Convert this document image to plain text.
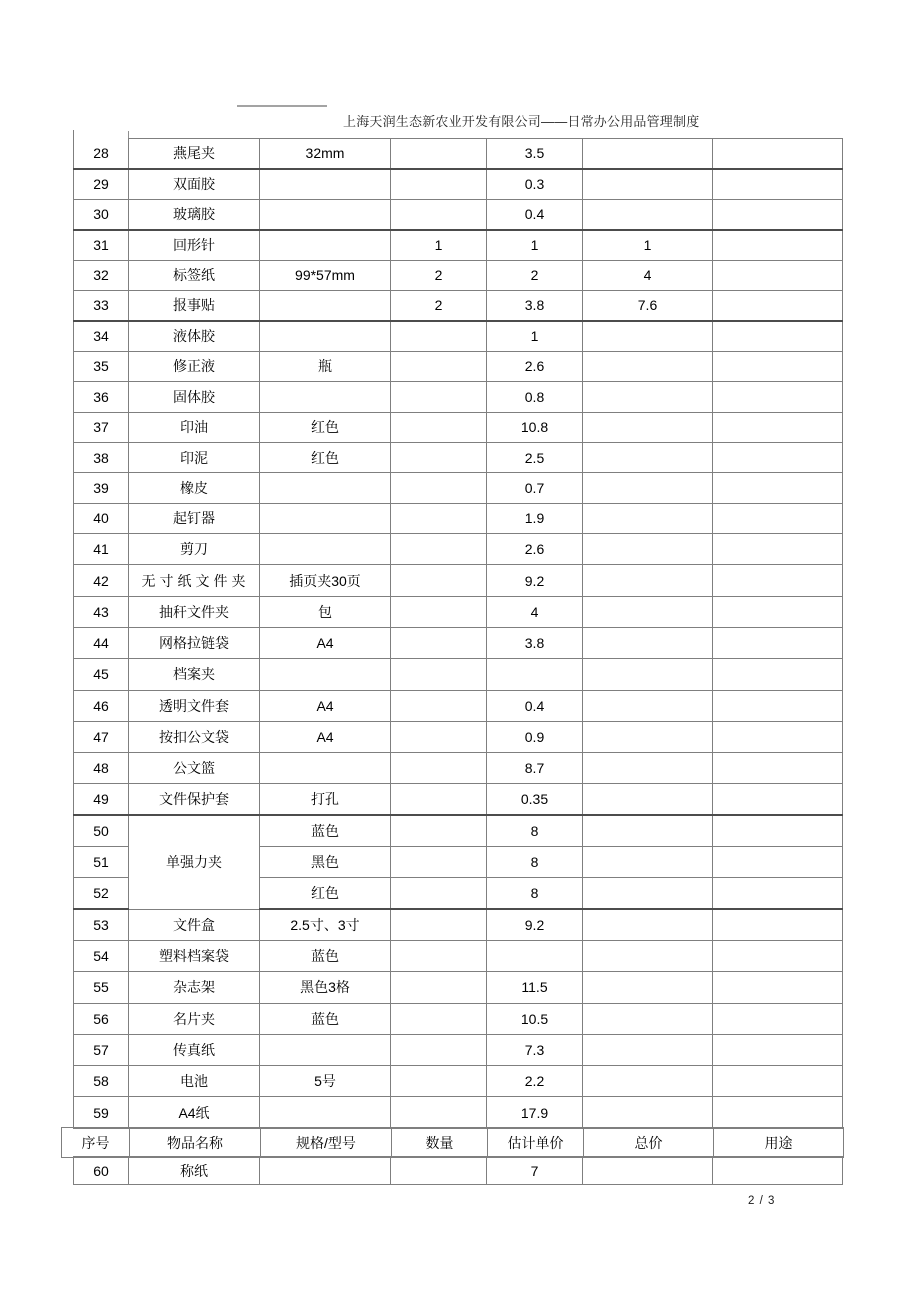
上海天润生态新农业开发有限公司——日常办公用品管理制度
28	燕尾夹	32mm		3.5		
29	双面胶			0.3		
30	玻璃胶			0.4		
31	回形针		1	1	1	
32	标签纸	99*57mm	2	2	4	
33	报事贴		2	3.8	7.6	
34	液体胶			1		
35	修正液	瓶		2.6		
36	固体胶			0.8		
37	印油	红色		10.8		
38	印泥	红色		2.5		
39	橡皮			0.7		
40	起钉器			1.9		
41	剪刀			2.6		
42	无寸纸文件夹	插页夹30页		9.2		
43	抽秆文件夹	包		4		
44	网格拉链袋	A4		3.8		
45	档案夹					
46	透明文件套	A4		0.4		
47	按扣公文袋	A4		0.9		
48	公文篮			8.7		
49	文件保护套	打孔		0.35		
50	单强力夹	蓝色		8		
51		黑色		8		
52		红色		8		
53	文件盒	2.5寸、3寸		9.2		
54	塑料档案袋	蓝色				
55	杂志架	黑色3格		11.5		
56	名片夹	蓝色		10.5		
57	传真纸			7.3		
58	电池	5号		2.2		
59	A4纸			17.9		
序号	物品名称	规格/型号	数量	估计单价	总价	用途
60	称纸			7		
2 / 3
